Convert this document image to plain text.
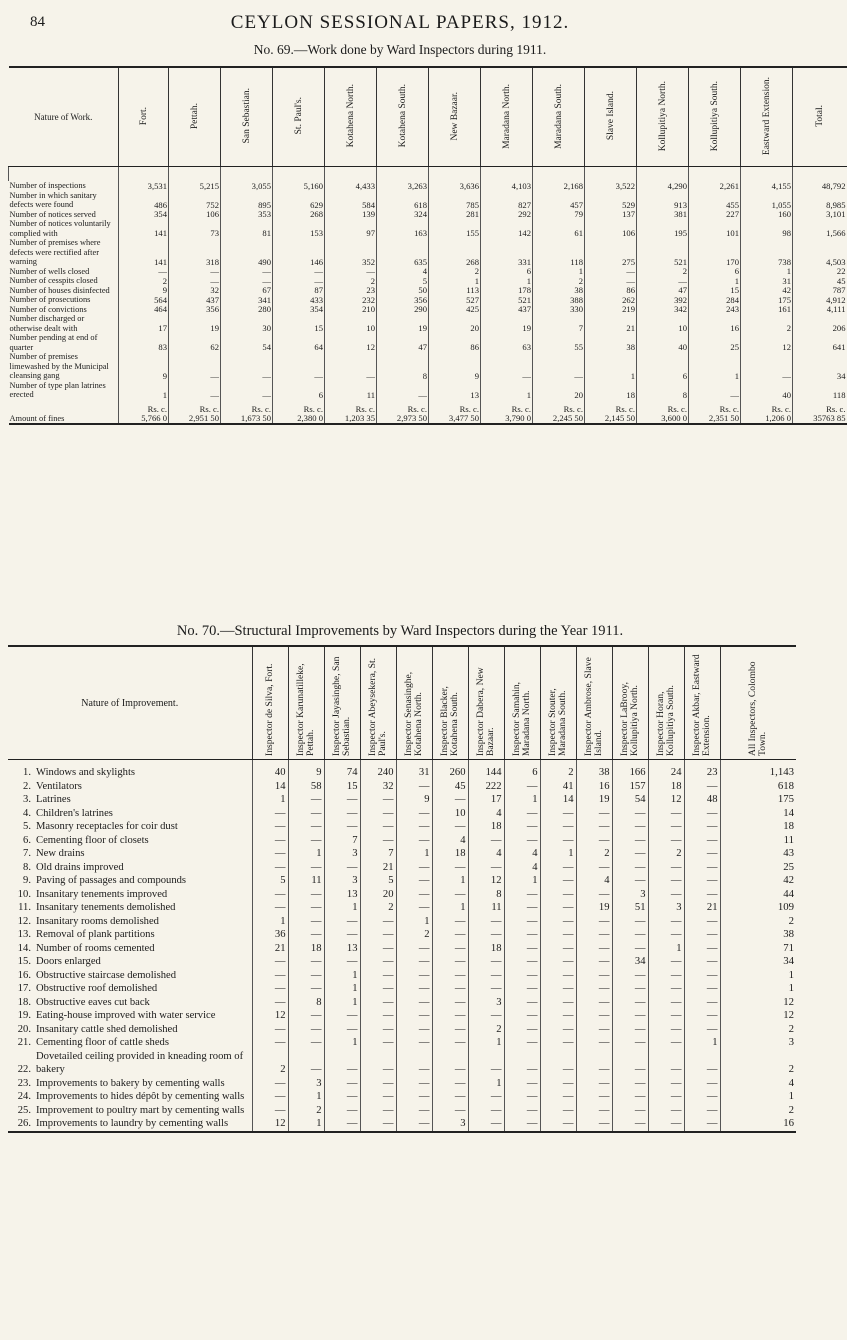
84	CEYLON SESSIONAL PAPERS, 1912.
No. 69.—Work done by Ward Inspectors during 1911.
Nature of Work.	Fort.	Pettah.	San Sebastian.	St. Paul's.	Kotahena North.	Kotahena South.	New Bazaar.	Maradana North.	Maradana South.	Slave Island.	Kollupitiya North.	Kollupitiya South.	Eastward Extension.	Total.

Number of inspections	3,531	5,215	3,055	5,160	4,433	3,263	3,636	4,103	2,168	3,522	4,290	2,261	4,155	48,792
Number in which sanitary defects were found	486	752	895	629	584	618	785	827	457	529	913	455	1,055	8,985
Number of notices served	354	106	353	268	139	324	281	292	79	137	381	227	160	3,101
Number of notices voluntarily complied with	141	73	81	153	97	163	155	142	61	106	195	101	98	1,566
Number of premises where defects were rectified after warning	141	318	490	146	352	635	268	331	118	275	521	170	738	4,503
Number of wells closed	—	—	—	—	—	4	2	6	1	—	2	6	1	22
Number of cesspits closed	2	—	—	—	2	5	1	1	2	—	—	1	31	45
Number of houses disinfected	9	32	67	87	23	50	113	178	38	86	47	15	42	787
Number of prosecutions	564	437	341	433	232	356	527	521	388	262	392	284	175	4,912
Number of convictions	464	356	280	354	210	290	425	437	330	219	342	243	161	4,111
Number discharged or otherwise dealt with	17	19	30	15	10	19	20	19	7	21	10	16	2	206
Number pending at end of quarter	83	62	54	64	12	47	86	63	55	38	40	25	12	641
Number of premises limewashed by the Municipal cleansing gang	9	—	—	—	—	8	9	—	—	1	6	1	—	34
Number of type plan latrines erected	1	—	—	6	11	—	13	1	20	18	8	—	40	118
	Rs. c.	Rs. c.	Rs. c.	Rs. c.	Rs. c.	Rs. c.	Rs. c.	Rs. c.	Rs. c.	Rs. c.	Rs. c.	Rs. c.	Rs. c.	Rs. c.
Amount of fines	5,766 0	2,951 50	1,673 50	2,380 0	1,203 35	2,973 50	3,477 50	3,790 0	2,245 50	2,145 50	3,600 0	2,351 50	1,206 0	35763 85
No. 70.—Structural Improvements by Ward Inspectors during the Year 1911.
Nature of Improvement.		Inspector de Silva, Fort.	Inspector Karunatilleke, Pettah.	Inspector Jayasinghe, San Sebastian.	Inspector Abeysekera, St. Paul's.	Inspector Senasinghe, Kotahena North.	Inspector Blacker, Kotahena South.	Inspector Dabera, New Bazaar.	Inspector Samahin, Maradana North.	Inspector Stouter, Maradana South.	Inspector Ambrose, Slave Island.	Inspector LaBrooy, Kollupitiya North.	Inspector Horan, Kollupitiya South.	Inspector Akbar, Eastward Extension.	All Inspectors, Colombo Town.

1.	Windows and skylights	40	9	74	240	31	260	144	6	2	38	166	24	23	1,143
2.	Ventilators	14	58	15	32	—	45	222	—	41	16	157	18	—	618
3.	Latrines	1	—	—	—	9	—	17	1	14	19	54	12	48	175
4.	Children's latrines	—	—	—	—	—	10	4	—	—	—	—	—	—	14
5.	Masonry receptacles for coir dust	—	—	—	—	—	—	18	—	—	—	—	—	—	18
6.	Cementing floor of closets	—	—	7	—	—	4	—	—	—	—	—	—	—	11
7.	New drains	—	1	3	7	1	18	4	4	1	2	—	2	—	43
8.	Old drains improved	—	—	—	21	—	—	—	4	—	—	—	—	—	25
9.	Paving of passages and compounds	5	11	3	5	—	1	12	1	—	4	—	—	—	42
10.	Insanitary tenements improved	—	—	13	20	—	—	8	—	—	—	3	—	—	44
11.	Insanitary tenements demolished	—	—	1	2	—	1	11	—	—	19	51	3	21	109
12.	Insanitary rooms demolished	1	—	—	—	1	—	—	—	—	—	—	—	—	2
13.	Removal of plank partitions	36	—	—	—	2	—	—	—	—	—	—	—	—	38
14.	Number of rooms cemented	21	18	13	—	—	—	18	—	—	—	—	1	—	71
15.	Doors enlarged	—	—	—	—	—	—	—	—	—	—	34	—	—	34
16.	Obstructive staircase demolished	—	—	1	—	—	—	—	—	—	—	—	—	—	1
17.	Obstructive roof demolished	—	—	1	—	—	—	—	—	—	—	—	—	—	1
18.	Obstructive eaves cut back	—	8	1	—	—	—	3	—	—	—	—	—	—	12
19.	Eating-house improved with water service	12	—	—	—	—	—	—	—	—	—	—	—	—	12
20.	Insanitary cattle shed demolished	—	—	—	—	—	—	2	—	—	—	—	—	—	2
21.	Cementing floor of cattle sheds	—	—	1	—	—	—	1	—	—	—	—	—	1	3
22.	Dovetailed ceiling provided in kneading room of bakery	2	—	—	—	—	—	—	—	—	—	—	—	—	2
23.	Improvements to bakery by cementing walls	—	3	—	—	—	—	1	—	—	—	—	—	—	4
24.	Improvements to hides dépôt by cementing walls	—	1	—	—	—	—	—	—	—	—	—	—	—	1
25.	Improvement to poultry mart by cementing walls	—	2	—	—	—	—	—	—	—	—	—	—	—	2
26.	Improvements to laundry by cementing walls	12	1	—	—	—	3	—	—	—	—	—	—	—	16
